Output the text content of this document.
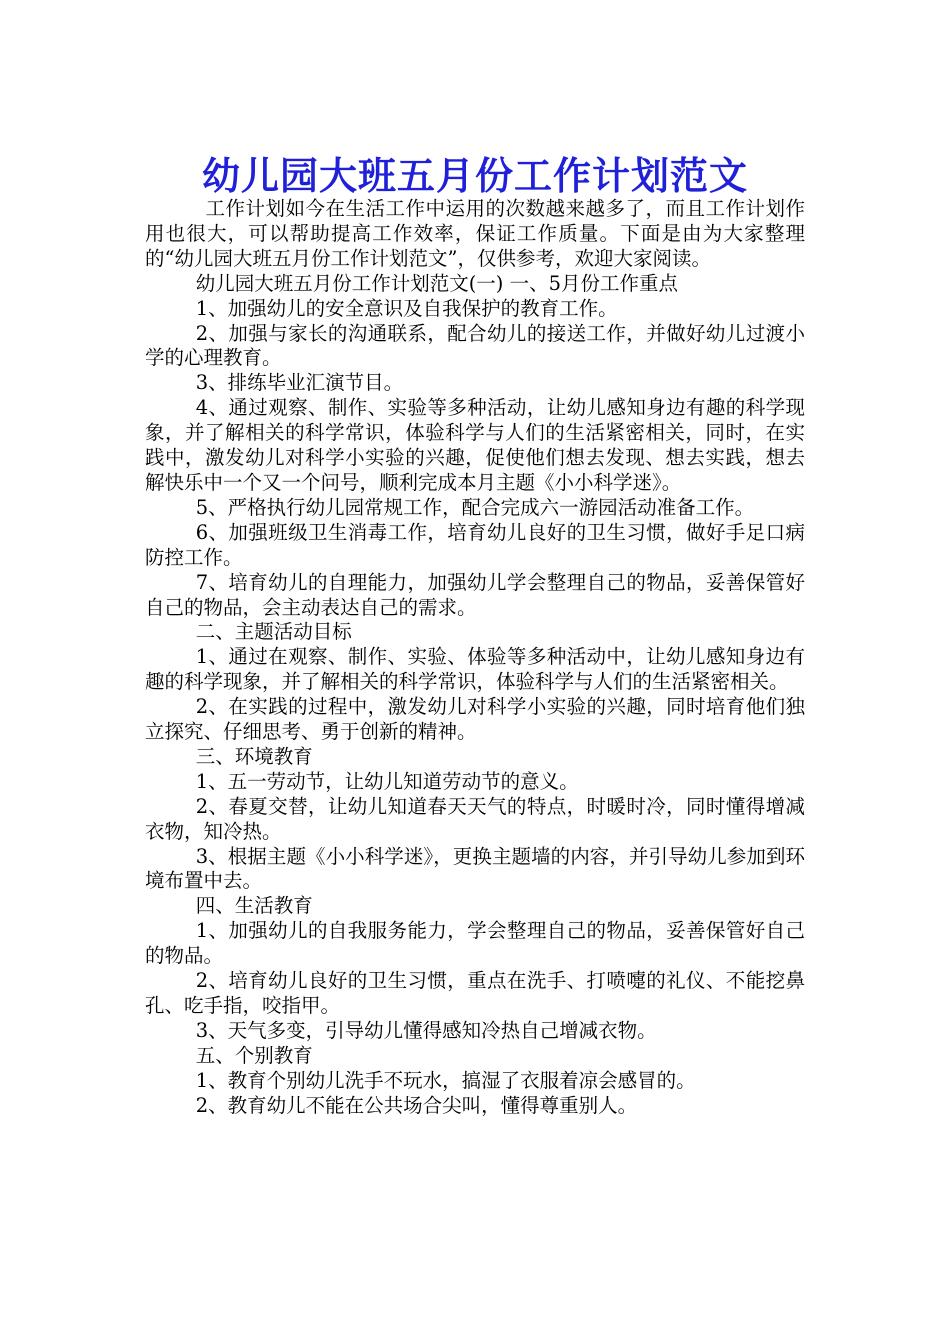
幼儿园大班五月份工作计划范文

工作计划如今在生活工作中运用的次数越来越多了，而且工作计划作用也很大，可以帮助提高工作效率，保证工作质量。下面是由为大家整理的“幼儿园大班五月份工作计划范文”，仅供参考，欢迎大家阅读。

幼儿园大班五月份工作计划范文(一) 一、5月份工作重点

1、加强幼儿的安全意识及自我保护的教育工作。

2、加强与家长的沟通联系，配合幼儿的接送工作，并做好幼儿过渡小学的心理教育。

3、排练毕业汇演节目。

4、通过观察、制作、实验等多种活动，让幼儿感知身边有趣的科学现象，并了解相关的科学常识，体验科学与人们的生活紧密相关，同时，在实践中，激发幼儿对科学小实验的兴趣，促使他们想去发现、想去实践，想去解快乐中一个又一个问号，顺利完成本月主题《小小科学迷》。

5、严格执行幼儿园常规工作，配合完成六一游园活动准备工作。

6、加强班级卫生消毒工作，培育幼儿良好的卫生习惯，做好手足口病防控工作。

7、培育幼儿的自理能力，加强幼儿学会整理自己的物品，妥善保管好自己的物品，会主动表达自己的需求。

二、主题活动目标

1、通过在观察、制作、实验、体验等多种活动中，让幼儿感知身边有趣的科学现象，并了解相关的科学常识，体验科学与人们的生活紧密相关。

2、在实践的过程中，激发幼儿对科学小实验的兴趣，同时培育他们独立探究、仔细思考、勇于创新的精神。

三、环境教育

1、五一劳动节，让幼儿知道劳动节的意义。

2、春夏交替，让幼儿知道春天天气的特点，时暖时冷，同时懂得增减衣物，知冷热。

3、根据主题《小小科学迷》，更换主题墙的内容，并引导幼儿参加到环境布置中去。

四、生活教育

1、加强幼儿的自我服务能力，学会整理自己的物品，妥善保管好自己的物品。

2、培育幼儿良好的卫生习惯，重点在洗手、打喷嚏的礼仪、不能挖鼻孔、吃手指，咬指甲。

3、天气多变，引导幼儿懂得感知冷热自己增减衣物。

五、个别教育

1、教育个别幼儿洗手不玩水，搞湿了衣服着凉会感冒的。

2、教育幼儿不能在公共场合尖叫，懂得尊重别人。
